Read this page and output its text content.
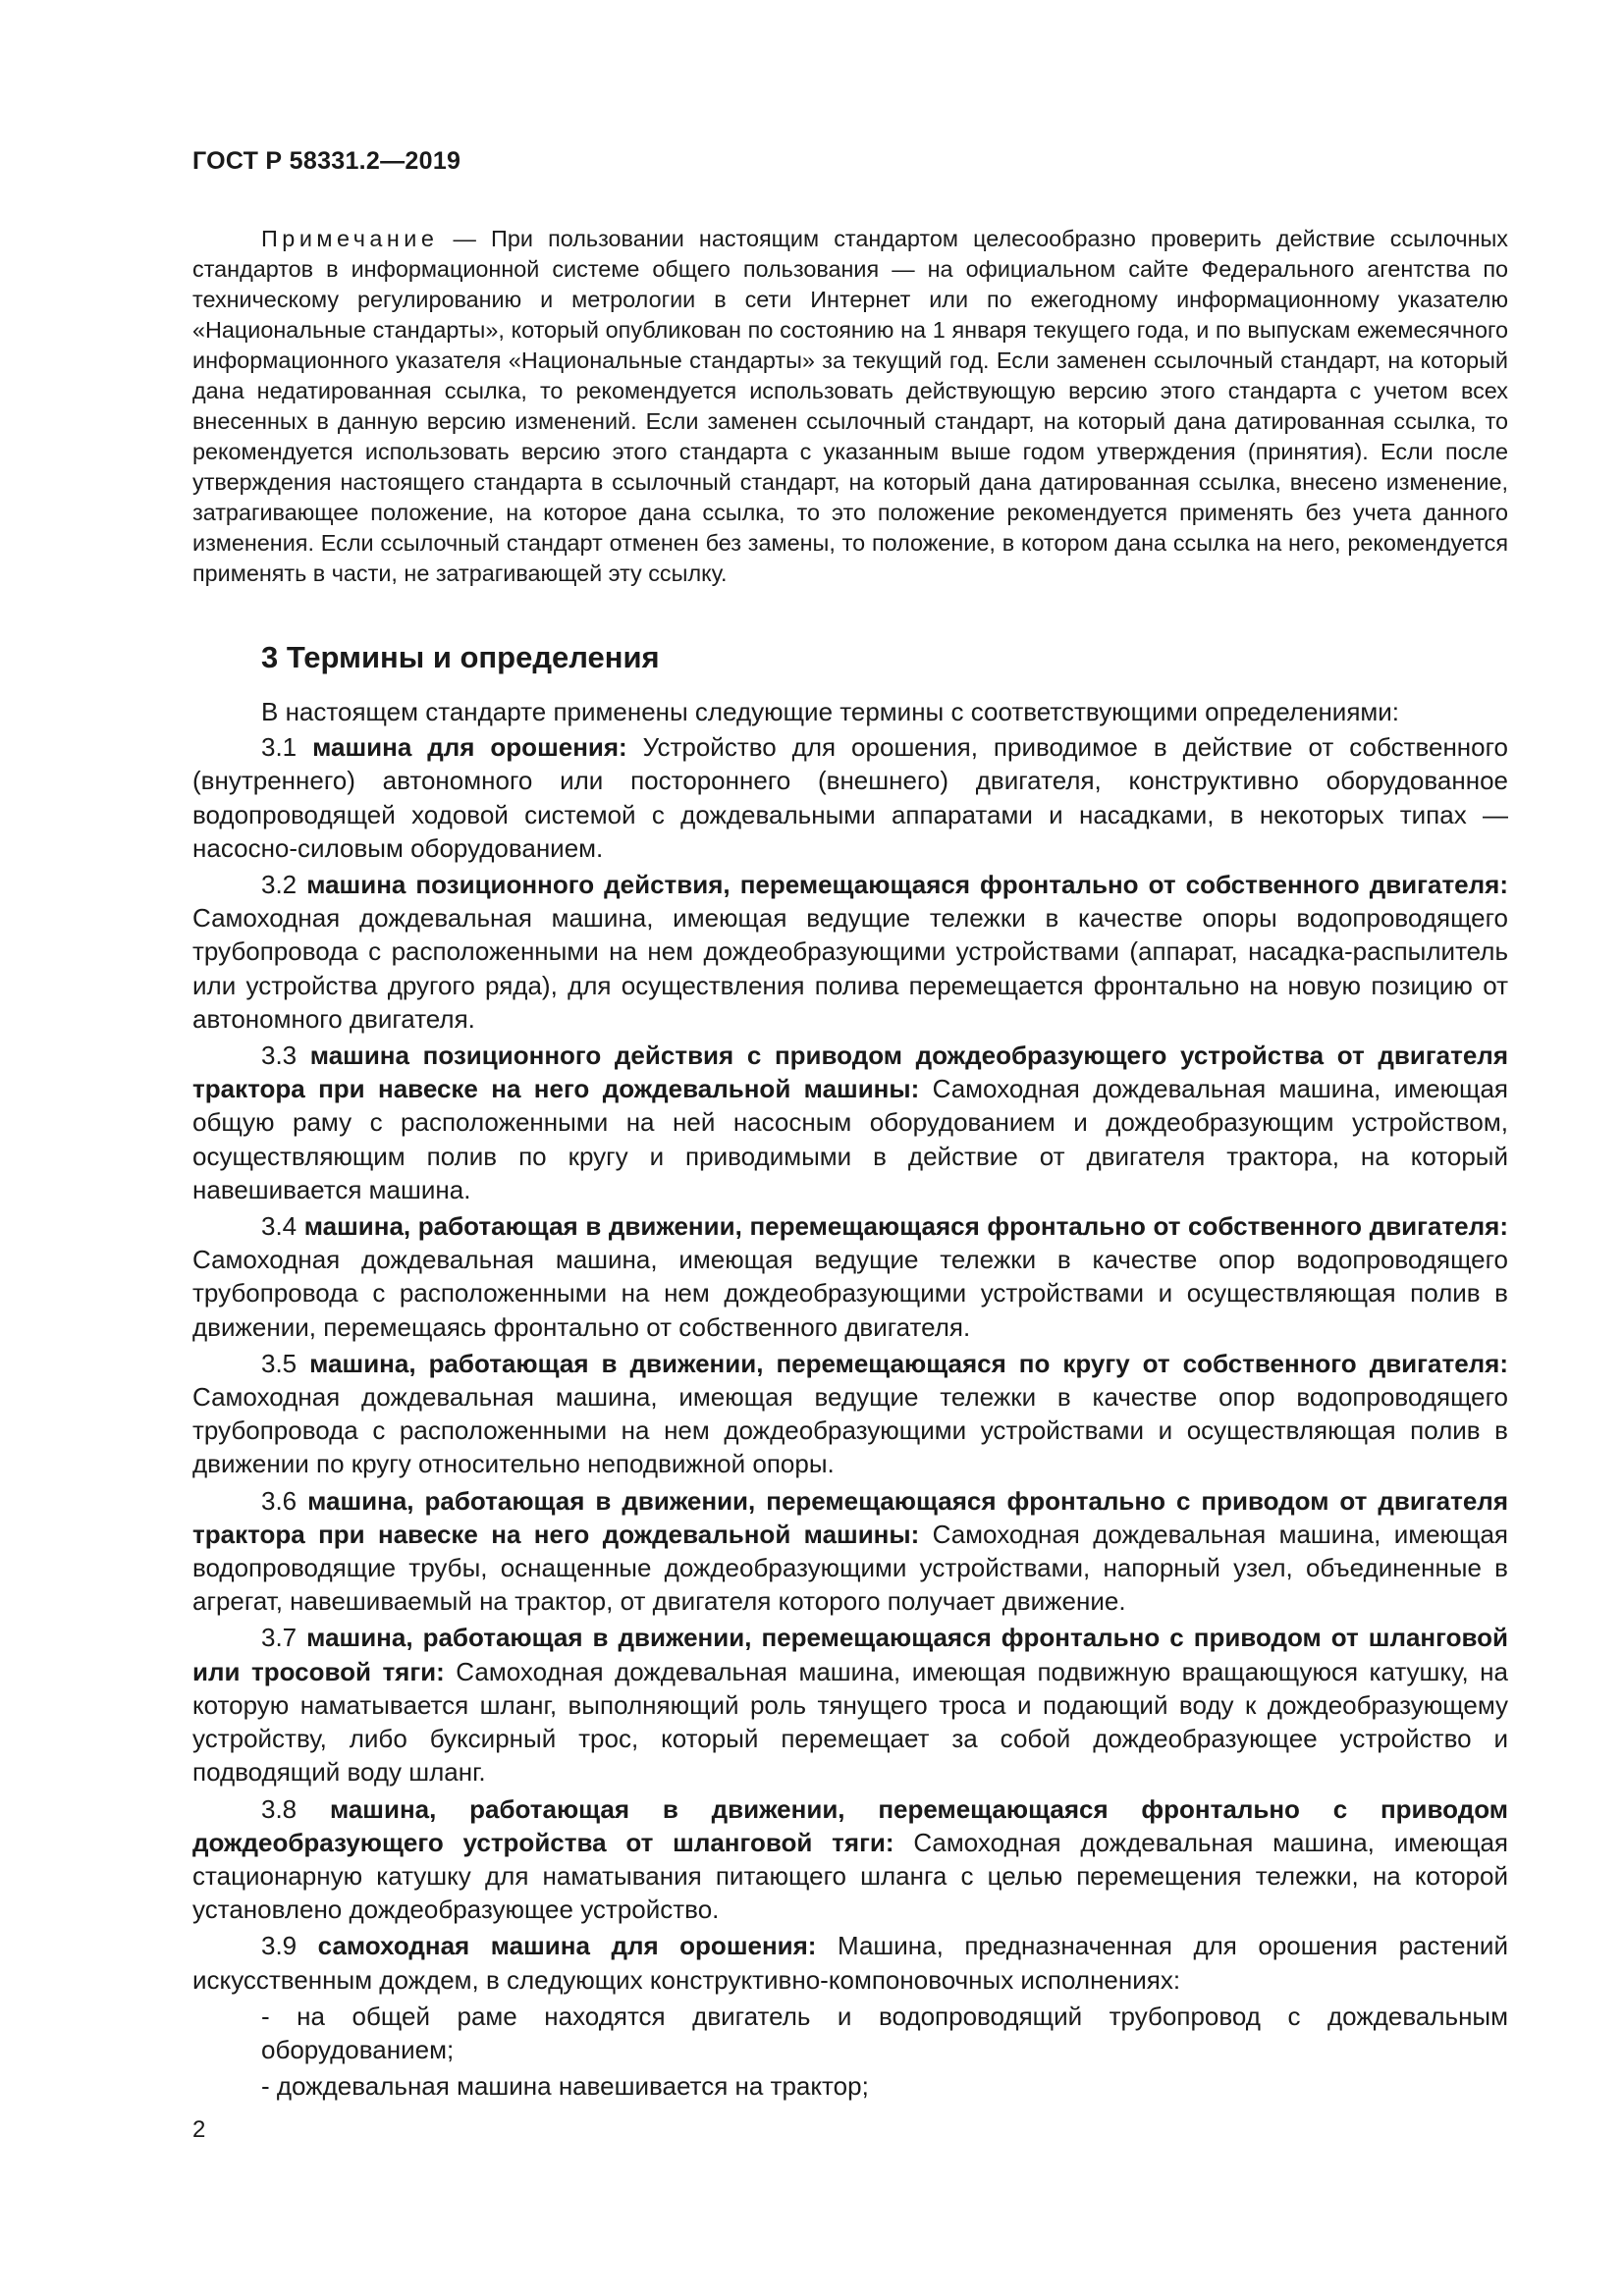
ГОСТ Р 58331.2—2019

Примечание — При пользовании настоящим стандартом целесообразно проверить действие ссылочных стандартов в информационной системе общего пользования — на официальном сайте Федерального агентства по техническому регулированию и метрологии в сети Интернет или по ежегодному информационному указателю «Национальные стандарты», который опубликован по состоянию на 1 января текущего года, и по выпускам ежемесячного информационного указателя «Национальные стандарты» за текущий год. Если заменен ссылочный стандарт, на который дана недатированная ссылка, то рекомендуется использовать действующую версию этого стандарта с учетом всех внесенных в данную версию изменений. Если заменен ссылочный стандарт, на который дана датированная ссылка, то рекомендуется использовать версию этого стандарта с указанным выше годом утверждения (принятия). Если после утверждения настоящего стандарта в ссылочный стандарт, на который дана датированная ссылка, внесено изменение, затрагивающее положение, на которое дана ссылка, то это положение рекомендуется применять без учета данного изменения. Если ссылочный стандарт отменен без замены, то положение, в котором дана ссылка на него, рекомендуется применять в части, не затрагивающей эту ссылку.

3 Термины и определения

В настоящем стандарте применены следующие термины с соответствующими определениями:

3.1 машина для орошения: Устройство для орошения, приводимое в действие от собственного (внутреннего) автономного или постороннего (внешнего) двигателя, конструктивно оборудованное водопроводящей ходовой системой с дождевальными аппаратами и насадками, в некоторых типах — насосно-силовым оборудованием.

3.2 машина позиционного действия, перемещающаяся фронтально от собственного двигателя: Самоходная дождевальная машина, имеющая ведущие тележки в качестве опоры водопроводящего трубопровода с расположенными на нем дождеобразующими устройствами (аппарат, насадка-распылитель или устройства другого ряда), для осуществления полива перемещается фронтально на новую позицию от автономного двигателя.

3.3 машина позиционного действия с приводом дождеобразующего устройства от двигателя трактора при навеске на него дождевальной машины: Самоходная дождевальная машина, имеющая общую раму с расположенными на ней насосным оборудованием и дождеобразующим устройством, осуществляющим полив по кругу и приводимыми в действие от двигателя трактора, на который навешивается машина.

3.4 машина, работающая в движении, перемещающаяся фронтально от собственного двигателя: Самоходная дождевальная машина, имеющая ведущие тележки в качестве опор водопроводящего трубопровода с расположенными на нем дождеобразующими устройствами и осуществляющая полив в движении, перемещаясь фронтально от собственного двигателя.

3.5 машина, работающая в движении, перемещающаяся по кругу от собственного двигателя: Самоходная дождевальная машина, имеющая ведущие тележки в качестве опор водопроводящего трубопровода с расположенными на нем дождеобразующими устройствами и осуществляющая полив в движении по кругу относительно неподвижной опоры.

3.6 машина, работающая в движении, перемещающаяся фронтально с приводом от двигателя трактора при навеске на него дождевальной машины: Самоходная дождевальная машина, имеющая водопроводящие трубы, оснащенные дождеобразующими устройствами, напорный узел, объединенные в агрегат, навешиваемый на трактор, от двигателя которого получает движение.

3.7 машина, работающая в движении, перемещающаяся фронтально с приводом от шланговой или тросовой тяги: Самоходная дождевальная машина, имеющая подвижную вращающуюся катушку, на которую наматывается шланг, выполняющий роль тянущего троса и подающий воду к дождеобразующему устройству, либо буксирный трос, который перемещает за собой дождеобразующее устройство и подводящий воду шланг.

3.8 машина, работающая в движении, перемещающаяся фронтально с приводом дождеобразующего устройства от шланговой тяги: Самоходная дождевальная машина, имеющая стационарную катушку для наматывания питающего шланга с целью перемещения тележки, на которой установлено дождеобразующее устройство.

3.9 самоходная машина для орошения: Машина, предназначенная для орошения растений искусственным дождем, в следующих конструктивно-компоновочных исполнениях:

- на общей раме находятся двигатель и водопроводящий трубопровод с дождевальным оборудованием;

- дождевальная машина навешивается на трактор;

2
